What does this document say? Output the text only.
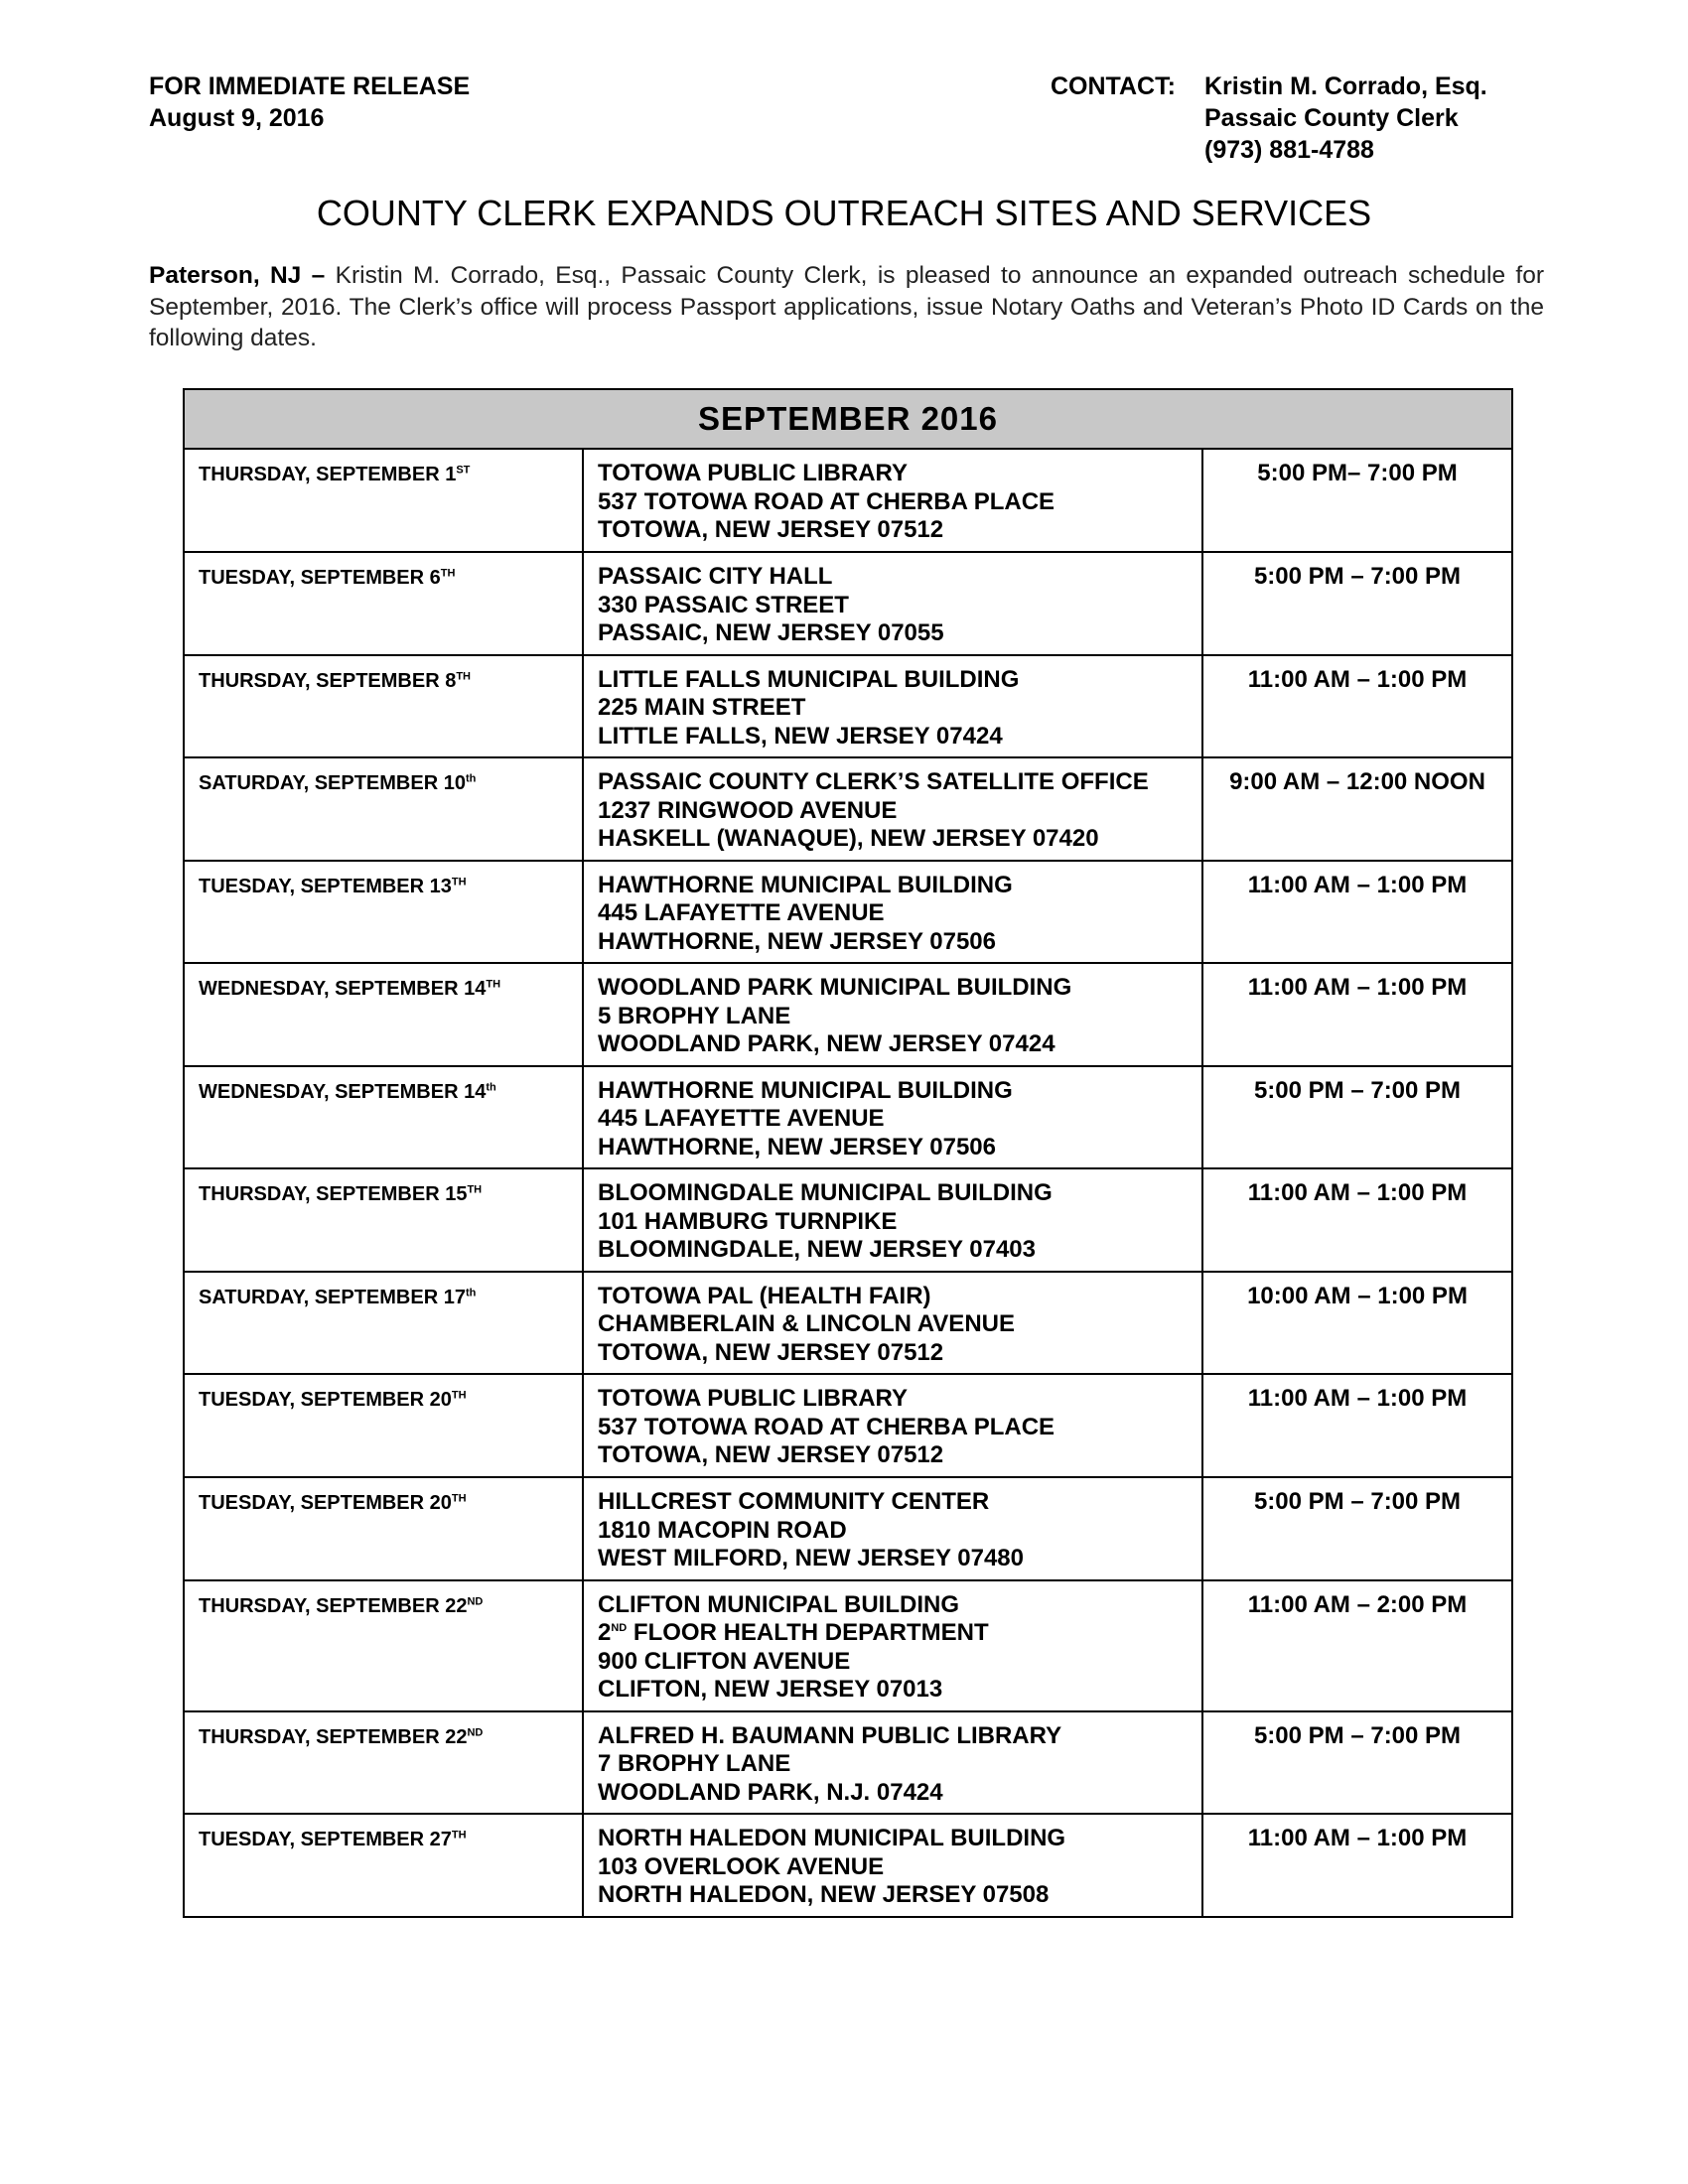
FOR IMMEDIATE RELEASE
August 9, 2016
CONTACT:	Kristin M. Corrado, Esq.
Passaic County Clerk
(973) 881-4788
COUNTY CLERK EXPANDS OUTREACH SITES AND SERVICES
Paterson, NJ – Kristin M. Corrado, Esq., Passaic County Clerk, is pleased to announce an expanded outreach schedule for September, 2016. The Clerk’s office will process Passport applications, issue Notary Oaths and Veteran’s Photo ID Cards on the following dates.
SEPTEMBER 2016		
THURSDAY, SEPTEMBER 1ST	TOTOWA PUBLIC LIBRARY
537 TOTOWA ROAD AT CHERBA PLACE
TOTOWA, NEW JERSEY 07512	5:00 PM– 7:00 PM
TUESDAY, SEPTEMBER 6TH	PASSAIC CITY HALL
330 PASSAIC STREET
PASSAIC, NEW JERSEY 07055	5:00 PM – 7:00 PM
THURSDAY, SEPTEMBER 8TH	LITTLE FALLS MUNICIPAL BUILDING
225 MAIN STREET
LITTLE FALLS, NEW JERSEY 07424	11:00 AM – 1:00 PM
SATURDAY, SEPTEMBER 10th	PASSAIC COUNTY CLERK’S SATELLITE OFFICE
1237 RINGWOOD AVENUE
HASKELL (WANAQUE), NEW JERSEY 07420	9:00 AM – 12:00 NOON
TUESDAY, SEPTEMBER 13TH	HAWTHORNE MUNICIPAL BUILDING
445 LAFAYETTE AVENUE
HAWTHORNE, NEW JERSEY 07506	11:00 AM – 1:00 PM
WEDNESDAY, SEPTEMBER 14TH	WOODLAND PARK MUNICIPAL BUILDING
5 BROPHY LANE
WOODLAND PARK, NEW JERSEY 07424	11:00 AM – 1:00 PM
WEDNESDAY, SEPTEMBER 14th	HAWTHORNE MUNICIPAL BUILDING
445 LAFAYETTE AVENUE
HAWTHORNE, NEW JERSEY 07506	5:00 PM – 7:00 PM
THURSDAY, SEPTEMBER 15TH	BLOOMINGDALE MUNICIPAL BUILDING
101 HAMBURG TURNPIKE
BLOOMINGDALE, NEW JERSEY 07403	11:00 AM – 1:00 PM
SATURDAY, SEPTEMBER 17th	TOTOWA PAL (HEALTH FAIR)
CHAMBERLAIN & LINCOLN AVENUE
TOTOWA, NEW JERSEY 07512	10:00 AM – 1:00 PM
TUESDAY, SEPTEMBER 20TH	TOTOWA PUBLIC LIBRARY
537 TOTOWA ROAD AT CHERBA PLACE
TOTOWA, NEW JERSEY 07512	11:00 AM – 1:00 PM
TUESDAY, SEPTEMBER 20TH	HILLCREST COMMUNITY CENTER
1810 MACOPIN ROAD
WEST MILFORD, NEW JERSEY 07480	5:00 PM – 7:00 PM
THURSDAY, SEPTEMBER 22ND	CLIFTON MUNICIPAL BUILDING
2ND FLOOR HEALTH DEPARTMENT
900 CLIFTON AVENUE
CLIFTON, NEW JERSEY 07013	11:00 AM – 2:00 PM
THURSDAY, SEPTEMBER 22ND	ALFRED H. BAUMANN PUBLIC LIBRARY
7 BROPHY LANE
WOODLAND PARK, N.J. 07424	5:00 PM – 7:00 PM
TUESDAY, SEPTEMBER 27TH	NORTH HALEDON MUNICIPAL BUILDING
103 OVERLOOK AVENUE
NORTH HALEDON, NEW JERSEY 07508	11:00 AM – 1:00 PM
